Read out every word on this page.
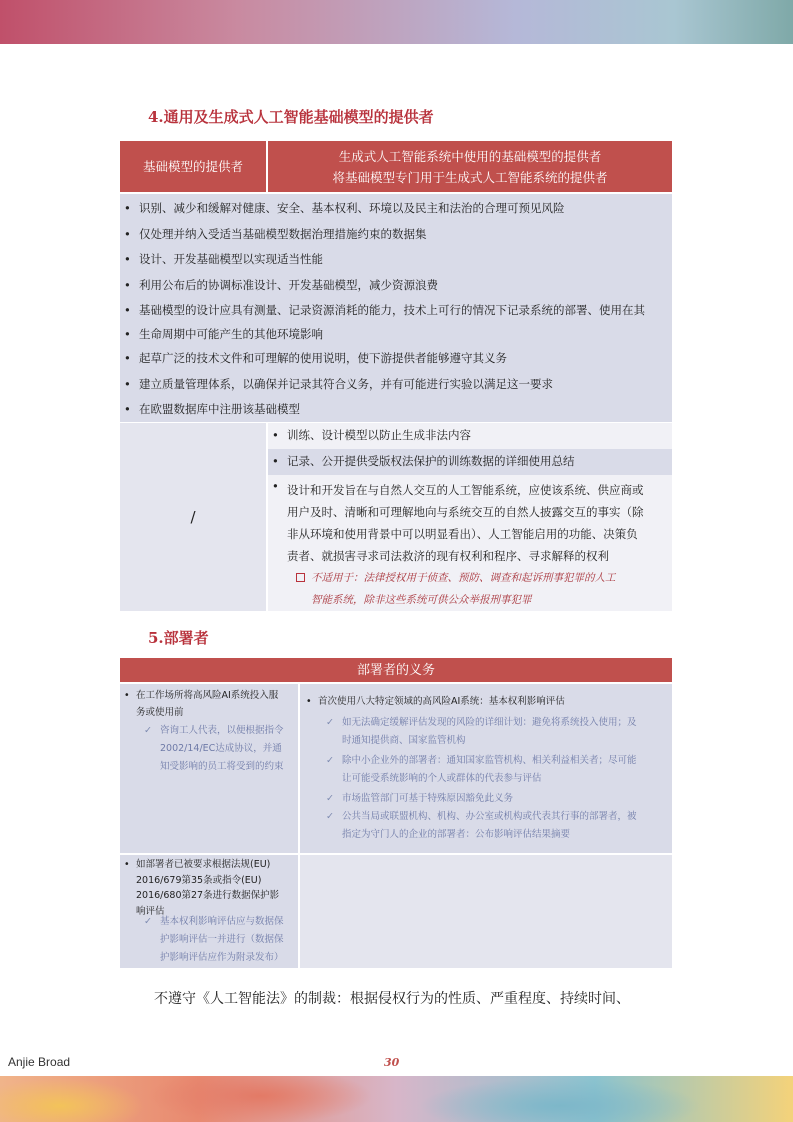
4.通用及生成式人工智能基础模型的提供者
基础模型的提供者
生成式人工智能系统中使用的基础模型的提供者
将基础模型专门用于生成式人工智能系统的提供者
• 识别、减少和缓解对健康、安全、基本权利、环境以及民主和法治的合理可预见风险
• 仅处理并纳入受适当基础模型数据治理措施约束的数据集
• 设计、开发基础模型以实现适当性能
• 利用公布后的协调标准设计、开发基础模型，减少资源浪费
• 基础模型的设计应具有测量、记录资源消耗的能力，技术上可行的情况下记录系统的部署、使用在其
• 生命周期中可能产生的其他环境影响
• 起草广泛的技术文件和可理解的使用说明，使下游提供者能够遵守其义务
• 建立质量管理体系，以确保并记录其符合义务，并有可能进行实验以满足这一要求
• 在欧盟数据库中注册该基础模型
/
• 训练、设计模型以防止生成非法内容
• 记录、公开提供受版权法保护的训练数据的详细使用总结
• 设计和开发旨在与自然人交互的人工智能系统，应使该系统、供应商或
用户及时、清晰和可理解地向与系统交互的自然人披露交互的事实（除
非从环境和使用背景中可以明显看出）、人工智能启用的功能、决策负
责者、就损害寻求司法救济的现有权利和程序、寻求解释的权利
不适用于：法律授权用于侦查、预防、调查和起诉刑事犯罪的人工
智能系统，除非这些系统可供公众举报刑事犯罪
5.部署者
部署者的义务
• 在工作场所将高风险AI系统投入服
务或使用前
✓ 咨询工人代表，以便根据指令
2002/14/EC达成协议，并通
知受影响的员工将受到的约束
• 首次使用八大特定领域的高风险AI系统：基本权利影响评估
✓ 如无法确定缓解评估发现的风险的详细计划：避免将系统投入使用；及
时通知提供商、国家监管机构
✓ 除中小企业外的部署者：通知国家监管机构、相关利益相关者；尽可能
让可能受系统影响的个人或群体的代表参与评估
✓ 市场监管部门可基于特殊原因豁免此义务
✓ 公共当局或联盟机构、机构、办公室或机构或代表其行事的部署者，被
指定为守门人的企业的部署者：公布影响评估结果摘要
• 如部署者已被要求根据法规(EU)
2016/679第35条或指令(EU)
2016/680第27条进行数据保护影
响评估
✓ 基本权利影响评估应与数据保
护影响评估一并进行（数据保
护影响评估应作为附录发布）
不遵守《人工智能法》的制裁：根据侵权行为的性质、严重程度、持续时间、
Anjie Broad	30
